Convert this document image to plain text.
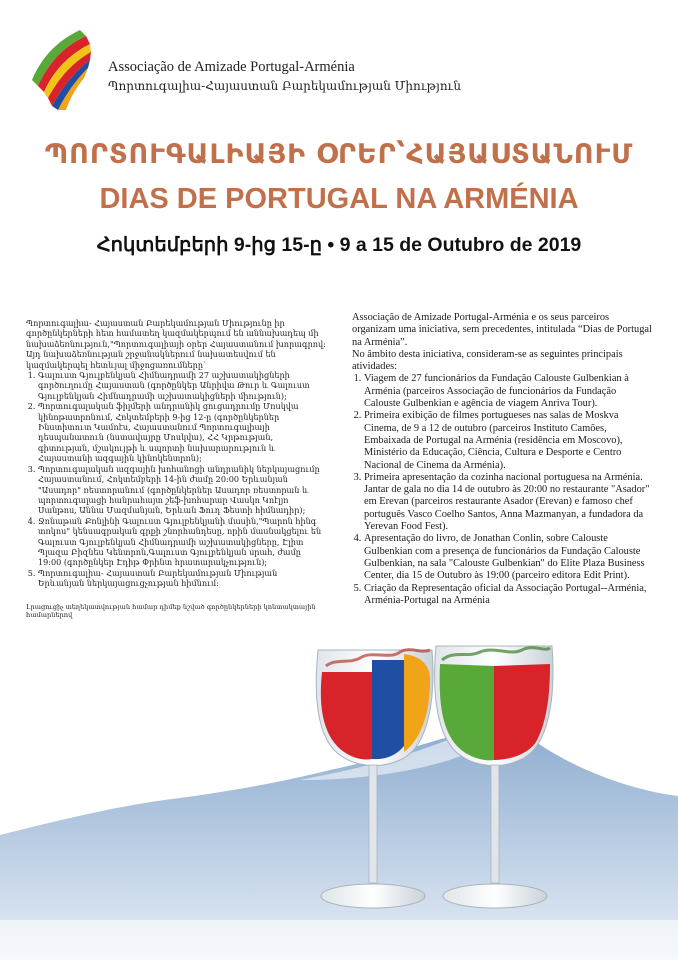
Associação de Amizade Portugal-Arménia

Պորտուգալիա-Հայաստան Բարեկամության Միություն

ՊՈՐՏՈՒԳԱԼԻԱՅԻ ՕՐԵՐ՝ՀԱՅԱՍՏԱՆՈՒՄ
DIAS DE PORTUGAL NA ARMÉNIA
Հոկտեմբերի 9-ից 15-ը • 9 a 15 de Outubro de 2019

Պորտուգալիա- Հայաստան Բարեկամության Միությունը իր գործընկերների հետ համատեղ կազմակերպում են աննախադեպ մի նախաձեռնություն,"Պորտուգալիայի օրեր Հայաստանում խորագրով: Այդ նախաձեռնության շրջանակներում նախատեսվում են կազմակերպել հետևյալ միջոցառումները՝

1. Գալուստ Գյուլբենկյան Հիմնադրամի 27 աշխատակիցների գործուղումը Հայաստան (գործընկեր Անրիվա Թուր և Գալուստ Գյուլբենկյան Հիմնադրամի աշխատակիցների միություն);
2. Պորտուգալական ֆիլմերի անդրանիկ ցուցադրումը Մոսկվա կինոթատրոնում, Հոկտեմբերի 9-ից 12-ը (գործընկերներ Ինստիտուտ Կամոէս, Հայաստանում Պորտուգալիայի դեսպանատուն (նստավայրը Մոսկվա), ՀՀ Կրթության, գիտության, մշակույթի և սպորտի նախարարություն և Հայաստանի ազգային կինոկենտրոն);
3. Պորտուգալական ազգային խոհանոցի անդրանիկ ներկայացումը Հայաստանում, Հոկտեմբերի 14-ին ժամը 20:00 Երևանյան "Ասադոր" ռեստորանում (գործընկերներ Ասադոր ռեստորան և պորտուգալացի հանրահայտ շեֆ-խոհարար Վասկո Կոէլյո Սանթոս, Աննա Մազմանյան, Երևան Ֆուդ Ֆեստի հիմնադիր);
4. Ջոնաթան Քոնլինի Գալուստ Գյուլբենկյանի մասին,"Պարոն հինգ տոկոս" կենսագրական գրքի շնորհանդեսը, որին մասնակցելու են Գալուստ Գյուլբենկյան Հիմնադրամի աշխատակիցները, Էլիտ Պլազա Բիզնես Կենտրոն,Գալուստ Գյուլբենկյան սրահ, ժամը 19:00 (գործընկեր Էդիթ Փրինտ հրատարակչություն);
5. Պորտուգալիա- Հայաստան Բարեկամության Միության Երևանյան ներկայացուցչության հիմնում:

Լրացուցիչ տեղեկատվության համար դիմեք նշված գործընկերների կոնտակտային համարներով

Associação de Amizade Portugal-Arménia e os seus parceiros organizam uma iniciativa, sem precedentes, intitulada “Dias de Portugal na Arménia”.

No âmbito desta iniciativa, consideram-se as seguintes principais atividades:

1. Viagem de 27 funcionários da Fundação Calouste Gulbenkian à Arménia (parceiros Associação de funcionários da Fundação Calouste Gulbenkian e agência de viagem Anriva Tour).
2. Primeira exibição de filmes portugueses nas salas de Moskva Cinema, de 9 a 12 de outubro (parceiros Instituto Camões, Embaixada de Portugal na Arménia (residência em Moscovo), Ministério da Educação, Ciência, Cultura e Desporte e Centro Nacional de Cinema da Arménia).
3. Primeira apresentação da cozinha nacional portuguesa na Arménia. Jantar de gala no dia 14 de outubro às 20:00 no restaurante "Asador" em Erevan (parceiros restaurante Asador (Erevan) e famoso chef português Vasco Coelho Santos, Anna Mazmanyan, a fundadora da Yerevan Food Fest).
4. Apresentação do livro, de Jonathan Conlin, sobre Calouste Gulbenkian com a presença de funcionários da Fundação Calouste Gulbenkian, na sala "Calouste Gulbenkian" do Elite Plaza Business Center, dia 15 de Outubro às 19:00 (parceiro editora Edit Print).
5. Criação da Representação oficial da Associação Portugal--Arménia, Arménia-Portugal na Arménia
